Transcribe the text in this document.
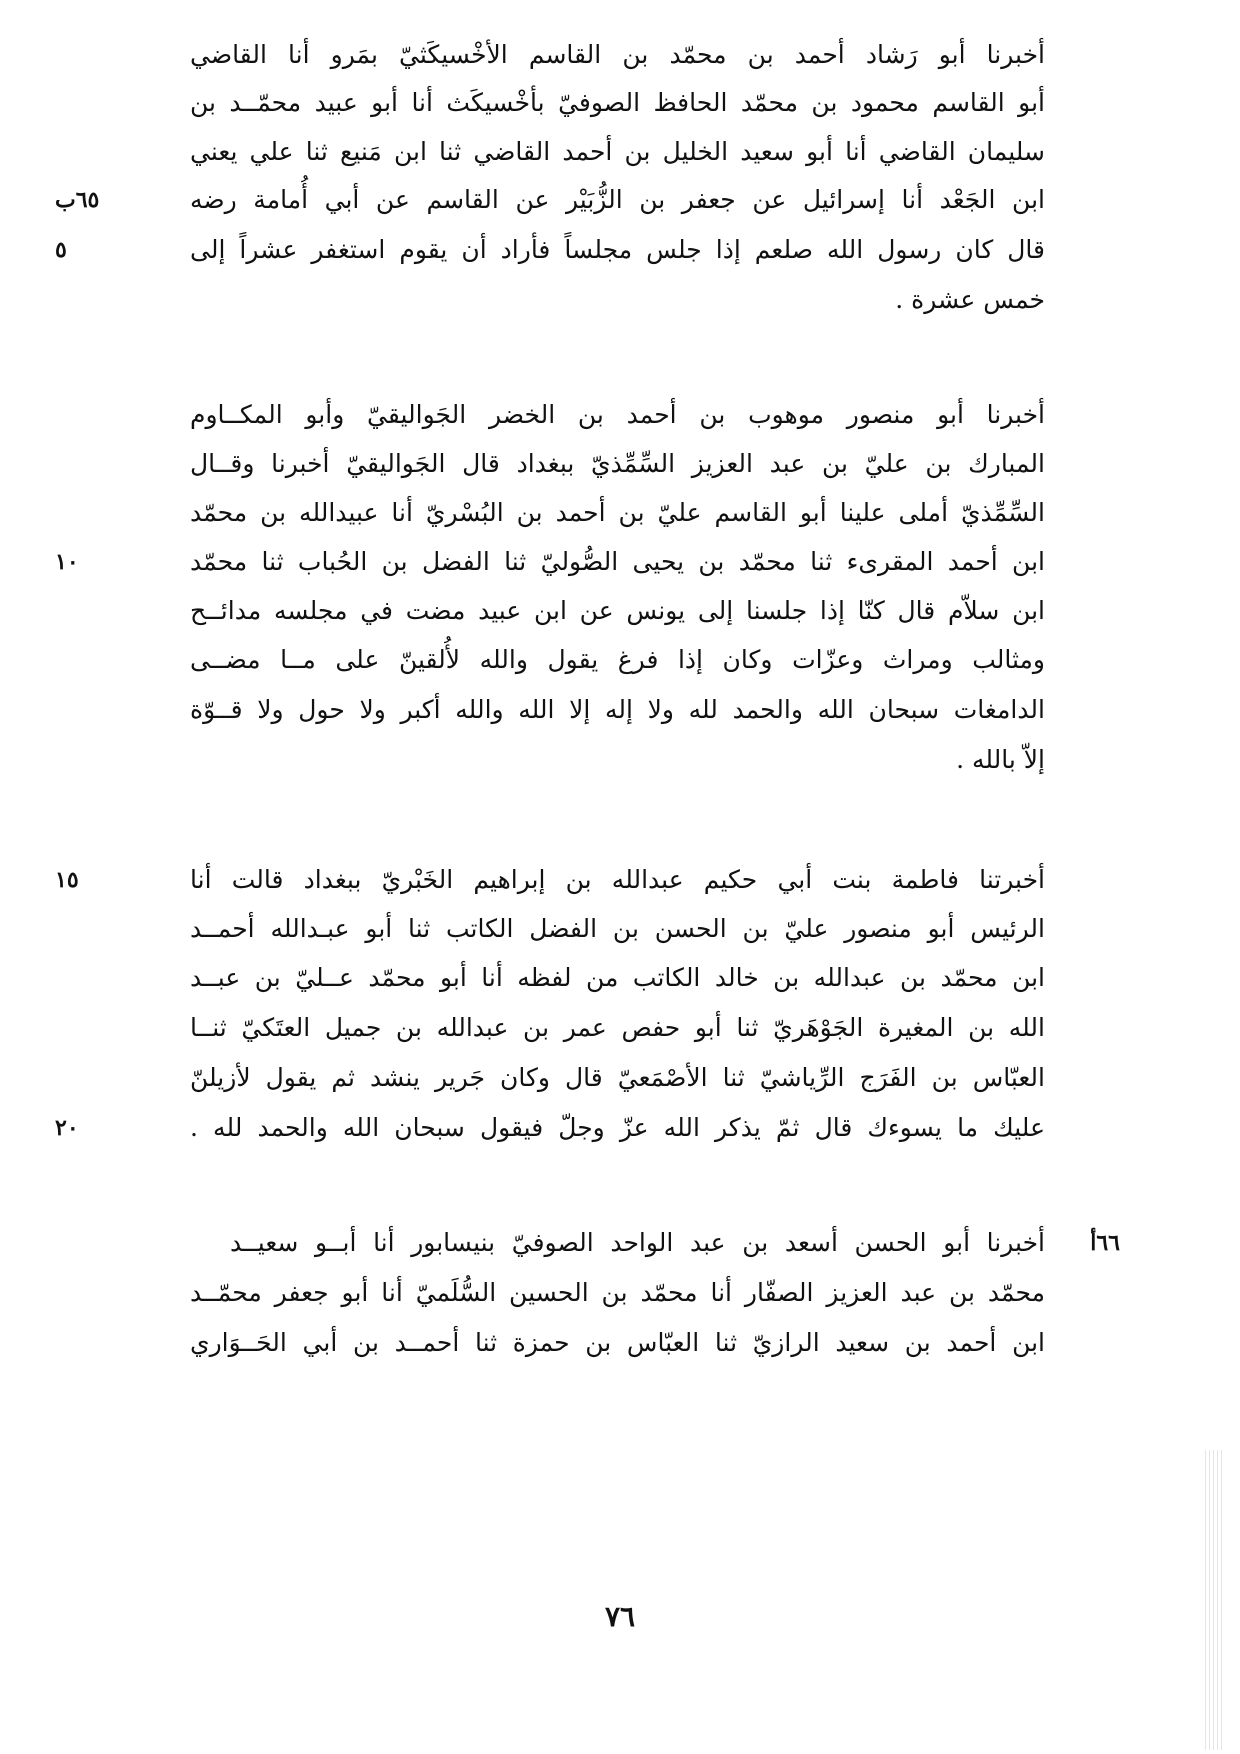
أخبرنا أبو رَشاد أحمد بن محمّد بن القاسم الأخْسيكَثيّ بمَرو أنا القاضي
أبو القاسم محمود بن محمّد الحافظ الصوفيّ بأخْسيكَث أنا أبو عبيد محمّــد بن
سليمان القاضي أنا أبو سعيد الخليل بن أحمد القاضي ثنا ابن مَنيع ثنا علي يعني
ابن الجَعْد أنا إسرائيل عن جعفر بن الزُّبَيْر عن القاسم عن أبي أُمامة رضه
٦٥ب
قال كان رسول الله صلعم إذا جلس مجلساً فأراد أن يقوم استغفر عشراً إلى
٥
خمس عشرة .
أخبرنا أبو منصور موهوب بن أحمد بن الخضر الجَواليقيّ وأبو المكــاوم
المبارك بن عليّ بن عبد العزيز السِّمِّذيّ ببغداد قال الجَواليقيّ أخبرنا وقــال
السِّمِّذيّ أملى علينا أبو القاسم عليّ بن أحمد بن البُسْريّ أنا عبيدالله بن محمّد
ابن أحمد المقرىء ثنا محمّد بن يحيى الصُّوليّ ثنا الفضل بن الحُباب ثنا محمّد
١٠
ابن سلاّم قال كنّا إذا جلسنا إلى يونس عن ابن عبيد مضت في مجلسه مدائــح
ومثالب ومراث وعزّات وكان إذا فرغ يقول والله لأُلقينّ على مــا مضــى
الدامغات سبحان الله والحمد لله ولا إله إلا الله والله أكبر ولا حول ولا قــوّة
إلاّ بالله .
أخبرتنا فاطمة بنت أبي حكيم عبدالله بن إبراهيم الخَبْريّ ببغداد قالت أنا
١٥
الرئيس أبو منصور عليّ بن الحسن بن الفضل الكاتب ثنا أبو عبـدالله أحمــد
ابن محمّد بن عبدالله بن خالد الكاتب من لفظه أنا أبو محمّد عــليّ بن عبــد
الله بن المغيرة الجَوْهَريّ ثنا أبو حفص عمر بن عبدالله بن جميل العتَكيّ ثنــا
العبّاس بن الفَرَج الرِّياشيّ ثنا الأصْمَعيّ قال وكان جَرير ينشد ثم يقول لأزيلنّ
عليك ما يسوءك قال ثمّ يذكر الله عزّ وجلّ فيقول سبحان الله والحمد لله .
٢٠
٦٦أ
أخبرنا أبو الحسن أسعد بن عبد الواحد الصوفيّ بنيسابور أنا أبــو سعيــد
محمّد بن عبد العزيز الصفّار أنا محمّد بن الحسين السُّلَميّ أنا أبو جعفر محمّــد
ابن أحمد بن سعيد الرازيّ ثنا العبّاس بن حمزة ثنا أحمــد بن أبي الحَــوَاري
٧٦
